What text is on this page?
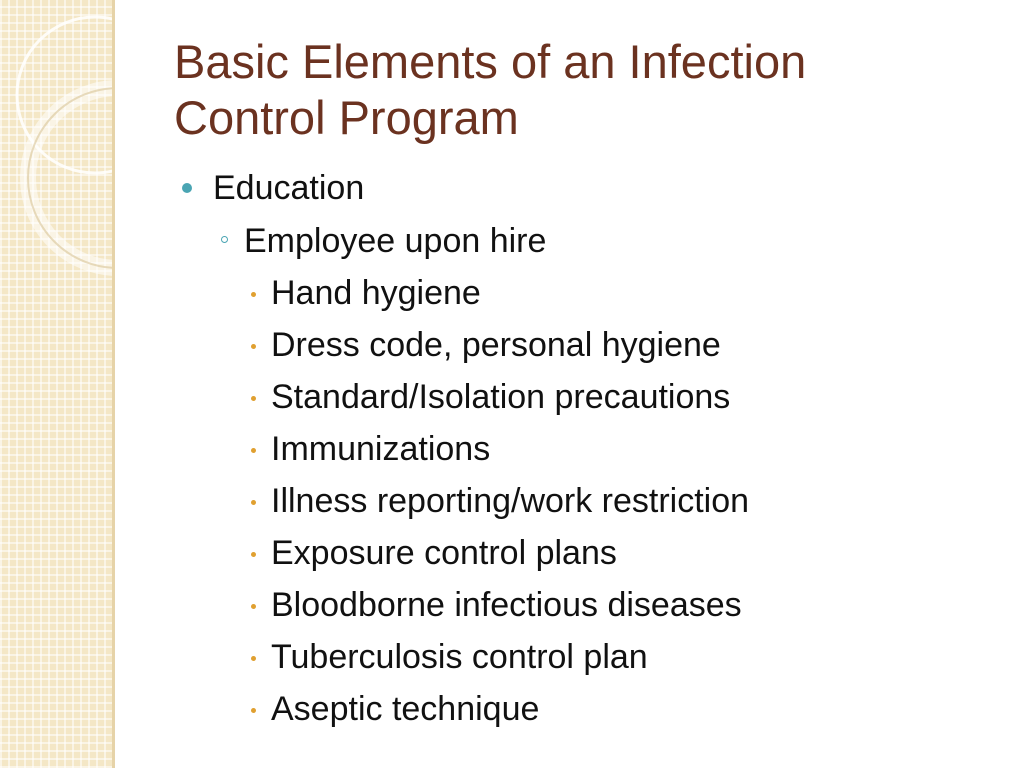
Basic Elements of an Infection
Control Program
Education
Employee upon hire
Hand hygiene
Dress code, personal hygiene
Standard/Isolation precautions
Immunizations
Illness reporting/work restriction
Exposure control plans
Bloodborne infectious diseases
Tuberculosis control plan
Aseptic technique
